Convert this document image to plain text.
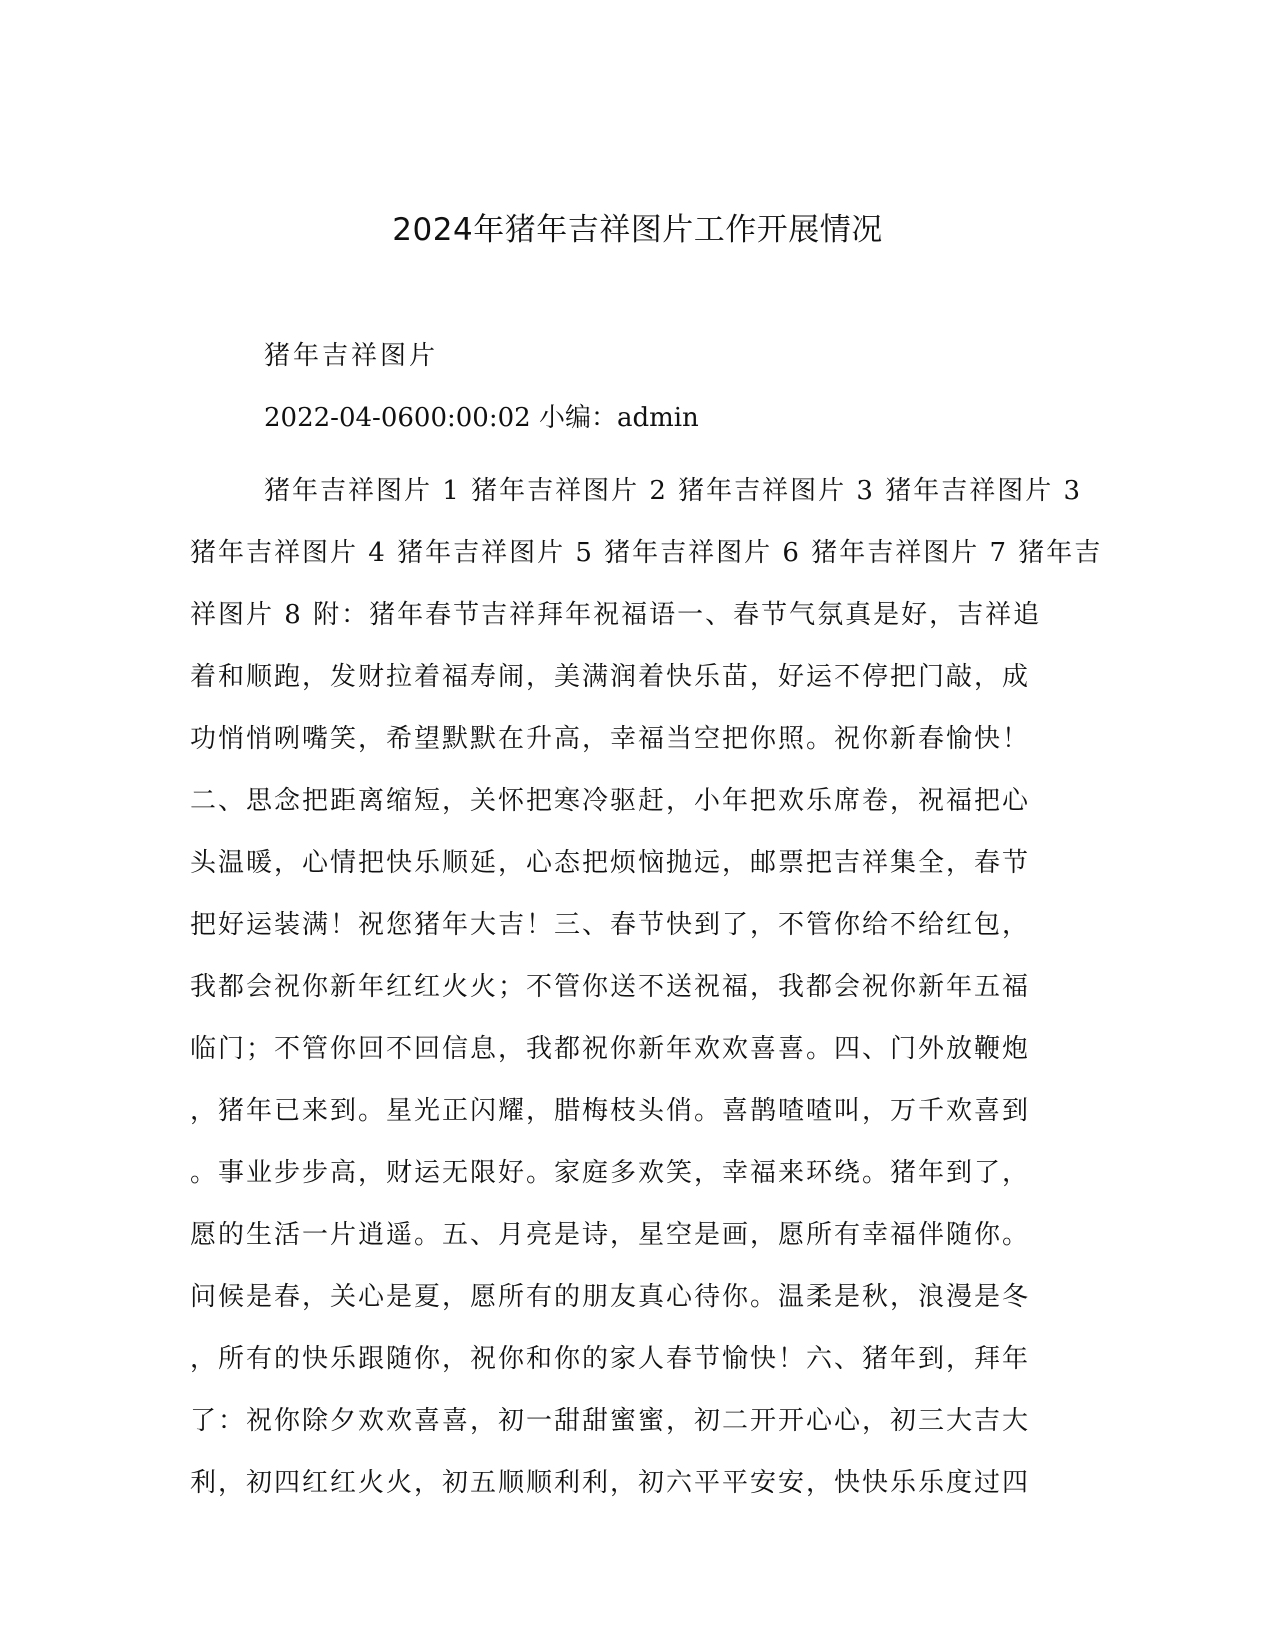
2024年猪年吉祥图片工作开展情况

猪年吉祥图片

2022-04-0600:00:02 小编：admin

猪年吉祥图片 1 猪年吉祥图片 2 猪年吉祥图片 3 猪年吉祥图片 3
猪年吉祥图片 4 猪年吉祥图片 5 猪年吉祥图片 6 猪年吉祥图片 7 猪年吉
祥图片 8 附：猪年春节吉祥拜年祝福语一、春节气氛真是好，吉祥追
着和顺跑，发财拉着福寿闹，美满润着快乐苗，好运不停把门敲，成
功悄悄咧嘴笑，希望默默在升高，幸福当空把你照。祝你新春愉快！
二、思念把距离缩短，关怀把寒冷驱赶，小年把欢乐席卷，祝福把心
头温暖，心情把快乐顺延，心态把烦恼抛远，邮票把吉祥集全，春节
把好运装满！祝您猪年大吉！三、春节快到了，不管你给不给红包，
我都会祝你新年红红火火；不管你送不送祝福，我都会祝你新年五福
临门；不管你回不回信息，我都祝你新年欢欢喜喜。四、门外放鞭炮
，猪年已来到。星光正闪耀，腊梅枝头俏。喜鹊喳喳叫，万千欢喜到
。事业步步高，财运无限好。家庭多欢笑，幸福来环绕。猪年到了，
愿的生活一片逍遥。五、月亮是诗，星空是画，愿所有幸福伴随你。
问候是春，关心是夏，愿所有的朋友真心待你。温柔是秋，浪漫是冬
，所有的快乐跟随你，祝你和你的家人春节愉快！六、猪年到，拜年
了：祝你除夕欢欢喜喜，初一甜甜蜜蜜，初二开开心心，初三大吉大
利，初四红红火火，初五顺顺利利，初六平平安安，快快乐乐度过四
